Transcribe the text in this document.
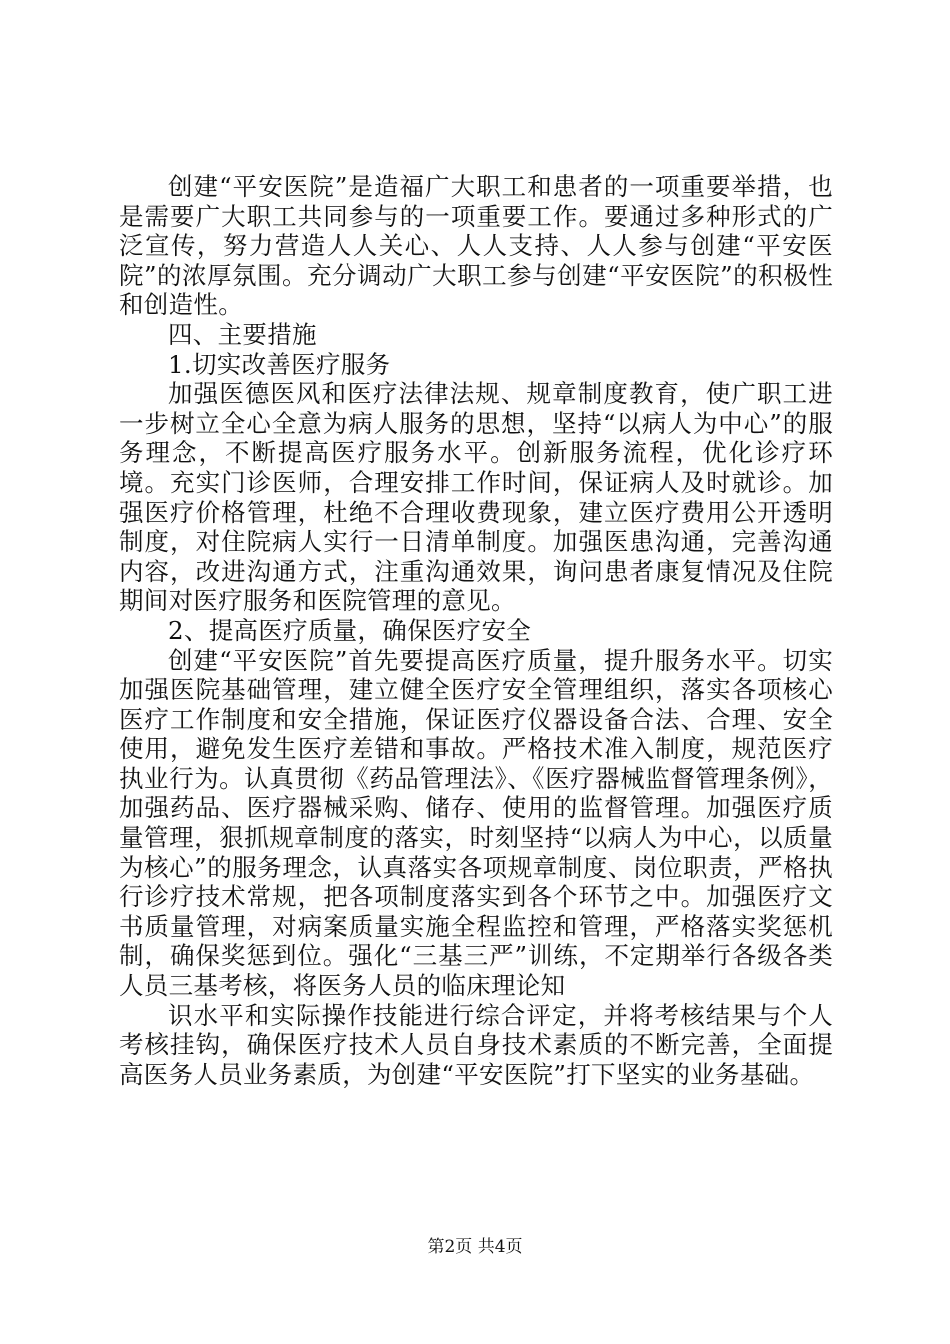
创建“平安医院”是造福广大职工和患者的一项重要举措，也是需要广大职工共同参与的一项重要工作。要通过多种形式的广泛宣传，努力营造人人关心、人人支持、人人参与创建“平安医院”的浓厚氛围。充分调动广大职工参与创建“平安医院”的积极性和创造性。

四、主要措施

1.切实改善医疗服务

加强医德医风和医疗法律法规、规章制度教育，使广职工进一步树立全心全意为病人服务的思想，坚持“以病人为中心”的服务理念，不断提高医疗服务水平。创新服务流程，优化诊疗环境。充实门诊医师，合理安排工作时间，保证病人及时就诊。加强医疗价格管理，杜绝不合理收费现象，建立医疗费用公开透明制度，对住院病人实行一日清单制度。加强医患沟通，完善沟通内容，改进沟通方式，注重沟通效果，询问患者康复情况及住院期间对医疗服务和医院管理的意见。

2、提高医疗质量，确保医疗安全

创建“平安医院”首先要提高医疗质量，提升服务水平。切实加强医院基础管理，建立健全医疗安全管理组织，落实各项核心医疗工作制度和安全措施，保证医疗仪器设备合法、合理、安全使用，避免发生医疗差错和事故。严格技术准入制度，规范医疗执业行为。认真贯彻《药品管理法》、《医疗器械监督管理条例》，加强药品、医疗器械采购、储存、使用的监督管理。加强医疗质量管理，狠抓规章制度的落实，时刻坚持“以病人为中心，以质量为核心”的服务理念，认真落实各项规章制度、岗位职责，严格执行诊疗技术常规，把各项制度落实到各个环节之中。加强医疗文书质量管理，对病案质量实施全程监控和管理，严格落实奖惩机制，确保奖惩到位。强化“三基三严”训练，不定期举行各级各类人员三基考核，将医务人员的临床理论知

识水平和实际操作技能进行综合评定，并将考核结果与个人考核挂钩，确保医疗技术人员自身技术素质的不断完善，全面提高医务人员业务素质，为创建“平安医院”打下坚实的业务基础。

第2页 共4页
